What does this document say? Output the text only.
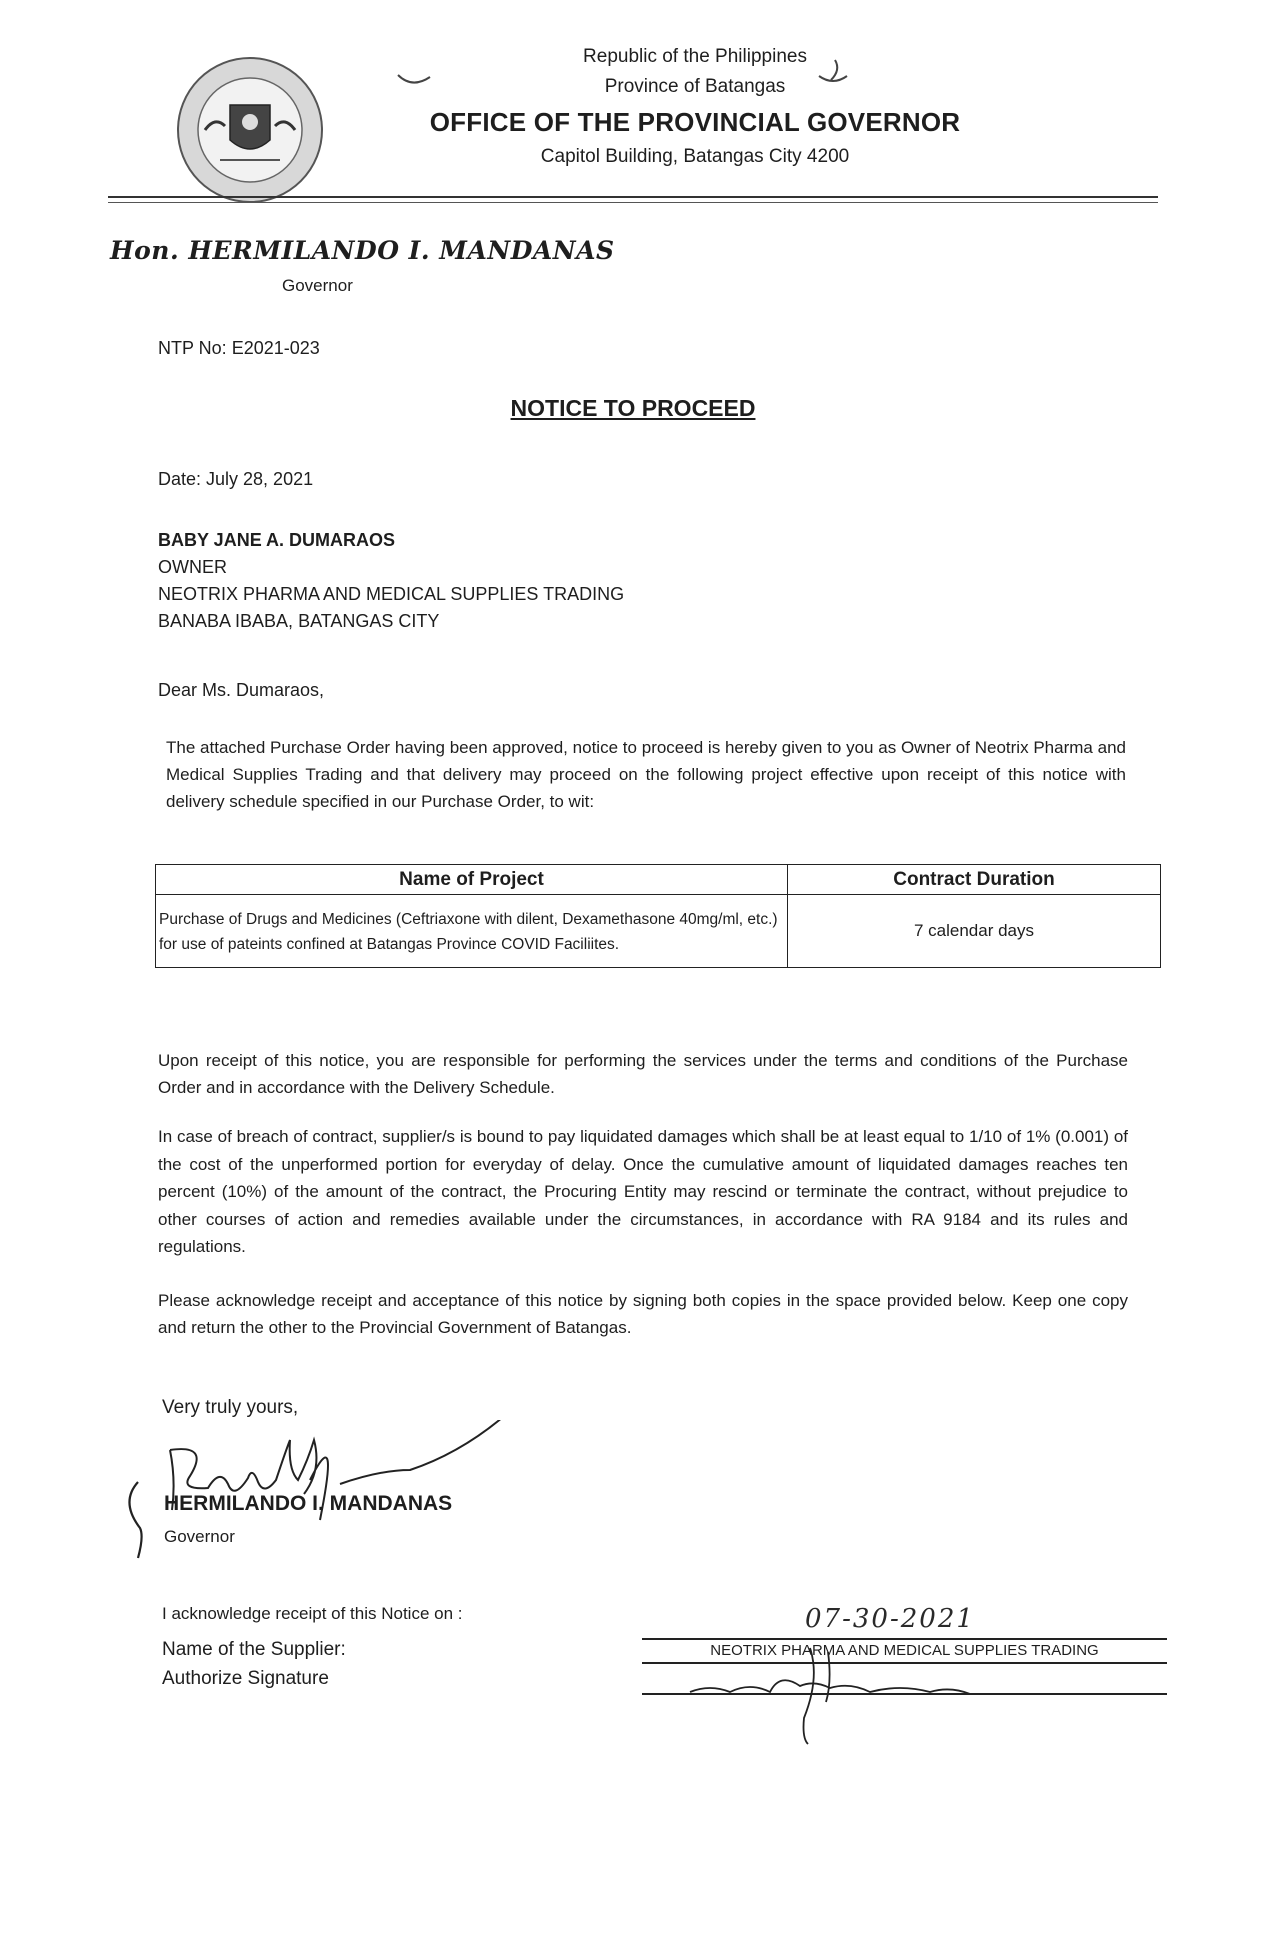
Republic of the Philippines
Province of Batangas
OFFICE OF THE PROVINCIAL GOVERNOR
Capitol Building, Batangas City 4200
Hon. HERMILANDO I. MANDANAS
Governor
NTP No: E2021-023
NOTICE TO PROCEED
Date: July 28, 2021
BABY JANE A. DUMARAOS
OWNER
NEOTRIX PHARMA AND MEDICAL SUPPLIES TRADING
BANABA IBABA, BATANGAS CITY
Dear Ms. Dumaraos,
The attached Purchase Order having been approved, notice to proceed is hereby given to you as Owner of Neotrix Pharma and Medical Supplies Trading and that delivery may proceed on the following project effective upon receipt of this notice with delivery schedule specified in our Purchase Order, to wit:
Name of Project	Contract Duration
Purchase of Drugs and Medicines (Ceftriaxone with dilent, Dexamethasone 40mg/ml, etc.) for use of pateints confined at Batangas Province COVID Faciliites.	7 calendar days
Upon receipt of this notice, you are responsible for performing the services under the terms and conditions of the Purchase Order and in accordance with the Delivery Schedule.
In case of breach of contract, supplier/s is bound to pay liquidated damages which shall be at least equal to 1/10 of 1% (0.001) of the cost of the unperformed portion for everyday of delay. Once the cumulative amount of liquidated damages reaches ten percent (10%) of the amount of the contract, the Procuring Entity may rescind or terminate the contract, without prejudice to other courses of action and remedies available under the circumstances, in accordance with RA 9184 and its rules and regulations.
Please acknowledge receipt and acceptance of this notice by signing both copies in the space provided below. Keep one copy and return the other to the Provincial Government of Batangas.
Very truly yours,
HERMILANDO I. MANDANAS
Governor
I acknowledge receipt of this Notice on :
Name of the Supplier:
Authorize Signature
07-30-2021
NEOTRIX PHARMA AND MEDICAL SUPPLIES TRADING
